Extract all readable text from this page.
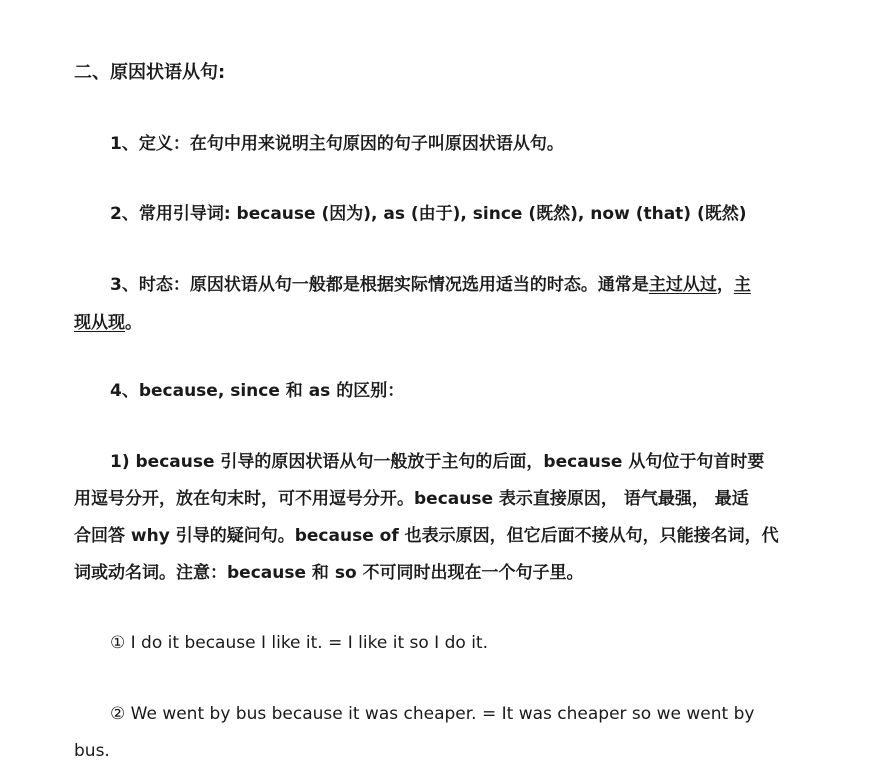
二、原因状语从句:
1、定义：在句中用来说明主句原因的句子叫原因状语从句。
2、常用引导词: because (因为), as (由于), since (既然), now (that) (既然)
3、时态：原因状语从句一般都是根据实际情况选用适当的时态。通常是主过从过，主
现从现。
4、because, since 和 as 的区别：
1) because 引导的原因状语从句一般放于主句的后面，because 从句位于句首时要
用逗号分开，放在句末时，可不用逗号分开。because 表示直接原因， 语气最强， 最适
合回答 why 引导的疑问句。because of 也表示原因，但它后面不接从句，只能接名词，代
词或动名词。注意：because 和 so 不可同时出现在一个句子里。
① I do it because I like it. = I like it so I do it.
② We went by bus because it was cheaper. = It was cheaper so we went by
bus.
